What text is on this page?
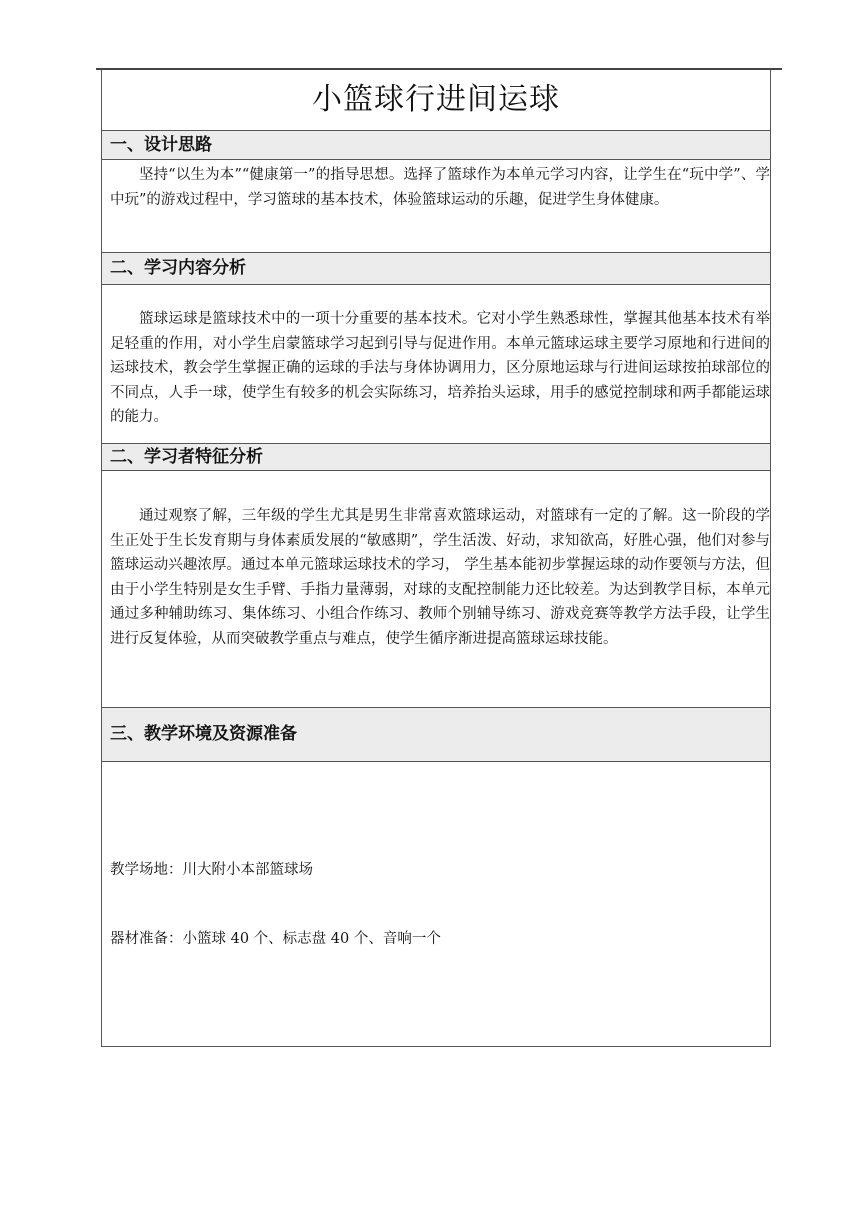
小篮球行进间运球
一、设计思路
坚持“以生为本”“健康第一”的指导思想。选择了篮球作为本单元学习内容，让学生在“玩中学”、学中玩”的游戏过程中，学习篮球的基本技术，体验篮球运动的乐趣，促进学生身体健康。
二、学习内容分析
篮球运球是篮球技术中的一项十分重要的基本技术。它对小学生熟悉球性，掌握其他基本技术有举足轻重的作用，对小学生启蒙篮球学习起到引导与促进作用。本单元篮球运球主要学习原地和行进间的运球技术，教会学生掌握正确的运球的手法与身体协调用力，区分原地运球与行进间运球按拍球部位的不同点，人手一球，使学生有较多的机会实际练习，培养抬头运球，用手的感觉控制球和两手都能运球的能力。
二、学习者特征分析
通过观察了解，三年级的学生尤其是男生非常喜欢篮球运动，对篮球有一定的了解。这一阶段的学生正处于生长发育期与身体素质发展的“敏感期”，学生活泼、好动，求知欲高，好胜心强，他们对参与篮球运动兴趣浓厚。通过本单元篮球运球技术的学习， 学生基本能初步掌握运球的动作要领与方法，但由于小学生特别是女生手臂、手指力量薄弱，对球的支配控制能力还比较差。为达到教学目标，本单元通过多种辅助练习、集体练习、小组合作练习、教师个别辅导练习、游戏竞赛等教学方法手段，让学生进行反复体验，从而突破教学重点与难点，使学生循序渐进提高篮球运球技能。
三、教学环境及资源准备
教学场地：川大附小本部篮球场
器材准备：小篮球 40 个、标志盘 40 个、音响一个
